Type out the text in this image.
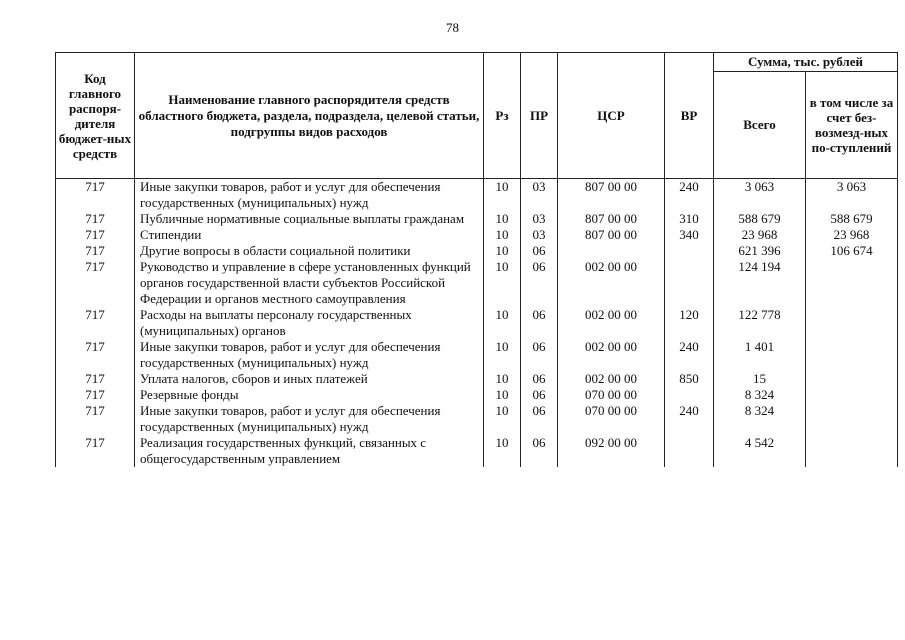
78
Код главного распоря-дителя бюджет-ных средств	Наименование главного распорядителя средств областного бюджета, раздела, подраздела, целевой статьи, подгруппы видов расходов	Рз	ПР	ЦСР	ВР	Сумма, тыс. рублей	
						Всего	в том числе за счет без-возмезд-ных по-ступлений
717	Иные закупки товаров, работ и услуг для обеспечения государственных (муниципальных) нужд	10	03	807 00 00	240	3 063	3 063
717	Публичные нормативные социальные выплаты гражданам	10	03	807 00 00	310	588 679	588 679
717	Стипендии	10	03	807 00 00	340	23 968	23 968
717	Другие вопросы в области социальной политики	10	06			621 396	106 674
717	Руководство и управление в сфере установленных функций органов государственной власти субъектов Российской Федерации и органов местного самоуправления	10	06	002 00 00		124 194	
717	Расходы на выплаты персоналу государственных (муниципальных) органов	10	06	002 00 00	120	122 778	
717	Иные закупки товаров, работ и услуг для обеспечения государственных (муниципальных) нужд	10	06	002 00 00	240	1 401	
717	Уплата налогов, сборов и иных платежей	10	06	002 00 00	850	15	
717	Резервные фонды	10	06	070 00 00		8 324	
717	Иные закупки товаров, работ и услуг для обеспечения государственных (муниципальных) нужд	10	06	070 00 00	240	8 324	
717	Реализация государственных функций, связанных с общегосударственным управлением	10	06	092 00 00		4 542	
